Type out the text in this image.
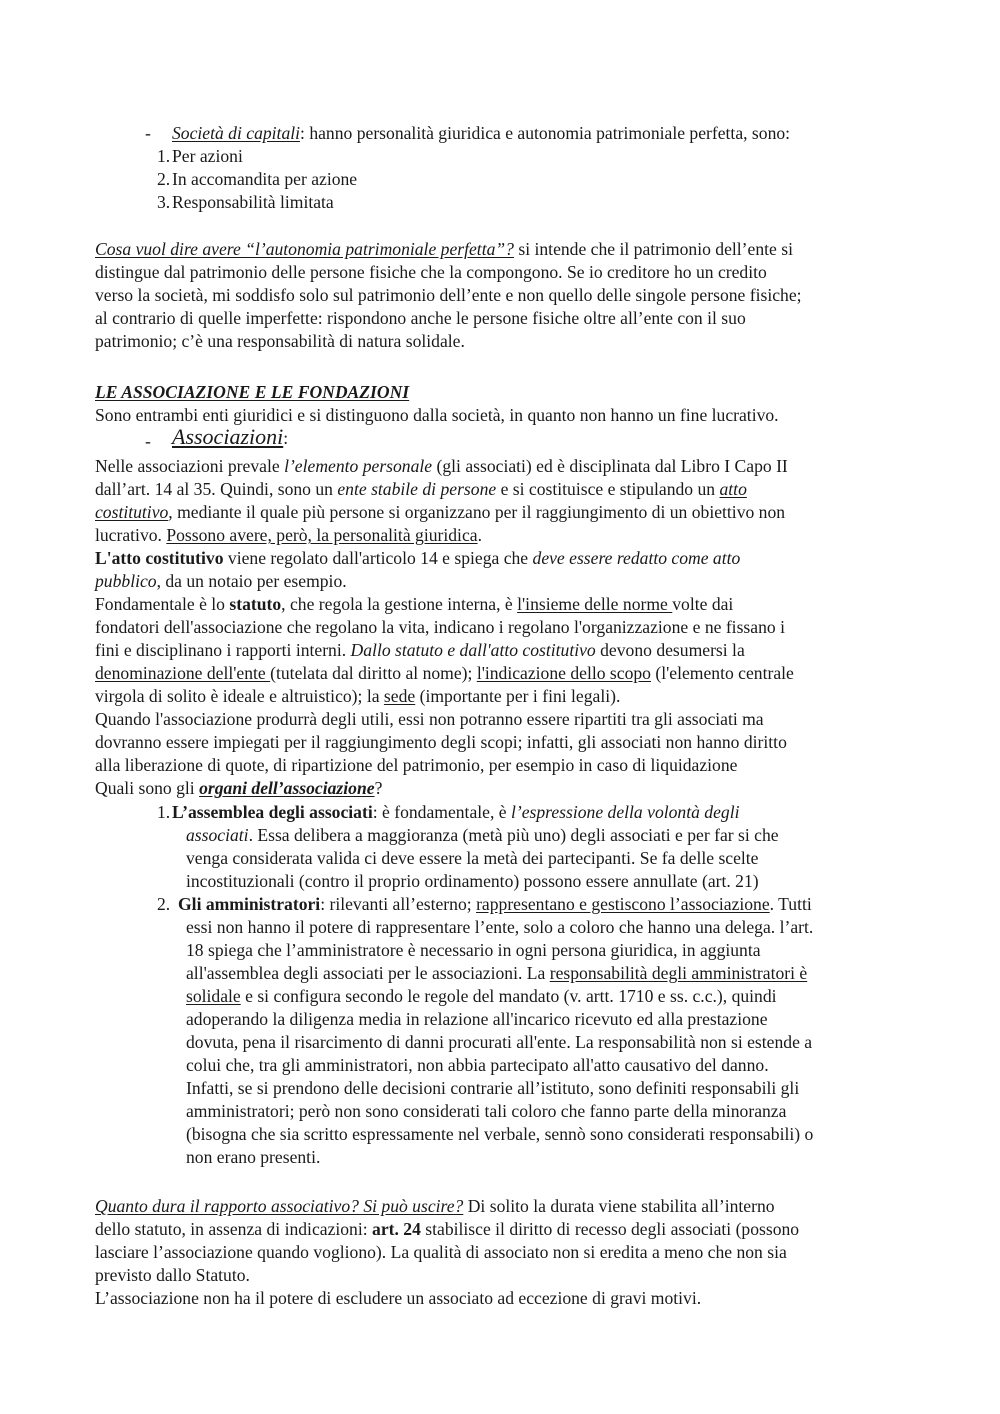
- Società di capitali: hanno personalità giuridica e autonomia patrimoniale perfetta, sono:
1. Per azioni
2. In accomandita per azione
3. Responsabilità limitata
Cosa vuol dire avere “l’autonomia patrimoniale perfetta”? si intende che il patrimonio dell’ente si
distingue dal patrimonio delle persone fisiche che la compongono. Se io creditore ho un credito
verso la società, mi soddisfo solo sul patrimonio dell’ente e non quello delle singole persone fisiche;
al contrario di quelle imperfette: rispondono anche le persone fisiche oltre all’ente con il suo
patrimonio; c’è una responsabilità di natura solidale.
LE ASSOCIAZIONE E LE FONDAZIONI
Sono entrambi enti giuridici e si distinguono dalla società, in quanto non hanno un fine lucrativo.
- Associazioni:
Nelle associazioni prevale l’elemento personale (gli associati) ed è disciplinata dal Libro I Capo II
dall’art. 14 al 35. Quindi, sono un ente stabile di persone e si costituisce e stipulando un atto
costitutivo, mediante il quale più persone si organizzano per il raggiungimento di un obiettivo non
lucrativo. Possono avere, però, la personalità giuridica.
L'atto costitutivo viene regolato dall'articolo 14 e spiega che deve essere redatto come atto
pubblico, da un notaio per esempio.
Fondamentale è lo statuto, che regola la gestione interna, è l'insieme delle norme volte dai
fondatori dell'associazione che regolano la vita, indicano i regolano l'organizzazione e ne fissano i
fini e disciplinano i rapporti interni. Dallo statuto e dall'atto costitutivo devono desumersi la
denominazione dell'ente (tutelata dal diritto al nome); l'indicazione dello scopo (l'elemento centrale
virgola di solito è ideale e altruistico); la sede (importante per i fini legali).
Quando l'associazione produrrà degli utili, essi non potranno essere ripartiti tra gli associati ma
dovranno essere impiegati per il raggiungimento degli scopi; infatti, gli associati non hanno diritto
alla liberazione di quote, di ripartizione del patrimonio, per esempio in caso di liquidazione
Quali sono gli organi dell’associazione?
1. L’assemblea degli associati: è fondamentale, è l’espressione della volontà degli
associati. Essa delibera a maggioranza (metà più uno) degli associati e per far si che
venga considerata valida ci deve essere la metà dei partecipanti. Se fa delle scelte
incostituzionali (contro il proprio ordinamento) possono essere annullate (art. 21)
2. Gli amministratori: rilevanti all’esterno; rappresentano e gestiscono l’associazione. Tutti
essi non hanno il potere di rappresentare l’ente, solo a coloro che hanno una delega. l’art.
18 spiega che l’amministratore è necessario in ogni persona giuridica, in aggiunta
all'assemblea degli associati per le associazioni. La responsabilità degli amministratori è
solidale e si configura secondo le regole del mandato (v. artt. 1710 e ss. c.c.), quindi
adoperando la diligenza media in relazione all'incarico ricevuto ed alla prestazione
dovuta, pena il risarcimento di danni procurati all'ente. La responsabilità non si estende a
colui che, tra gli amministratori, non abbia partecipato all'atto causativo del danno.
Infatti, se si prendono delle decisioni contrarie all’istituto, sono definiti responsabili gli
amministratori; però non sono considerati tali coloro che fanno parte della minoranza
(bisogna che sia scritto espressamente nel verbale, sennò sono considerati responsabili) o
non erano presenti.
Quanto dura il rapporto associativo? Si può uscire? Di solito la durata viene stabilita all’interno
dello statuto, in assenza di indicazioni: art. 24 stabilisce il diritto di recesso degli associati (possono
lasciare l’associazione quando vogliono). La qualità di associato non si eredita a meno che non sia
previsto dallo Statuto.
L’associazione non ha il potere di escludere un associato ad eccezione di gravi motivi.
